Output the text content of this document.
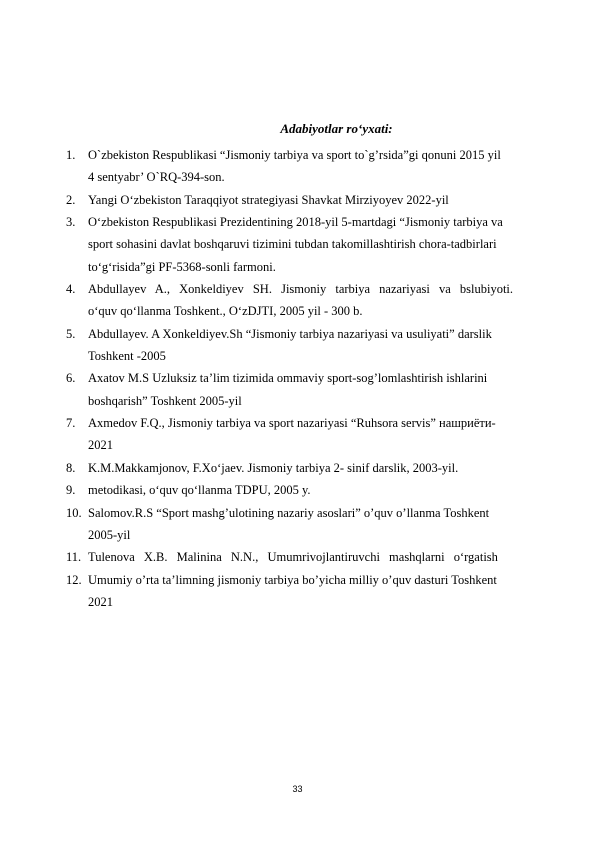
Adabiyotlar ro‘yxati:
1. O`zbekiston Respublikasi “Jismoniy tarbiya va sport to`g’rsida”gi qonuni 2015 yil
4 sentyabr’ O`RQ-394-son.
2. Yangi O‘zbekiston Taraqqiyot strategiyasi Shavkat Mirziyoyev 2022-yil
3. O‘zbekiston Respublikasi Prezidentining 2018-yil 5-martdagi “Jismoniy tarbiya va
sport sohasini davlat boshqaruvi tizimini tubdan takomillashtirish chora-tadbirlari
to‘g‘risida”gi PF-5368-sonli farmoni.
4. Abdullayev A., Xonkeldiyev SH. Jismoniy tarbiya nazariyasi va bslubiyoti.
o‘quv qo‘llanma Toshkent., O‘zDJTI, 2005 yil - 300 b.
5. Abdullayev. A Xonkeldiyev.Sh “Jismoniy tarbiya nazariyasi va usuliyati” darslik
Toshkent -2005
6. Axatov M.S Uzluksiz ta’lim tizimida ommaviy sport-sog’lomlashtirish ishlarini
boshqarish” Toshkent 2005-yil
7. Axmedov F.Q., Jismoniy tarbiya va sport nazariyasi “Ruhsora servis” нашриёти-
2021
8. K.M.Makkamjonov, F.Xo‘jaev. Jismoniy tarbiya 2- sinif darslik, 2003-yil.
9. metodikasi, o‘quv qo‘llanma TDPU, 2005 y.
10. Salomov.R.S “Sport mashg’ulotining nazariy asoslari” o’quv o’llanma Toshkent
2005-yil
11. Tulenova X.B. Malinina N.N., Umumrivojlantiruvchi mashqlarni o‘rgatish
12. Umumiy o’rta ta’limning jismoniy tarbiya bo’yicha milliy o’quv dasturi Toshkent
2021
33
